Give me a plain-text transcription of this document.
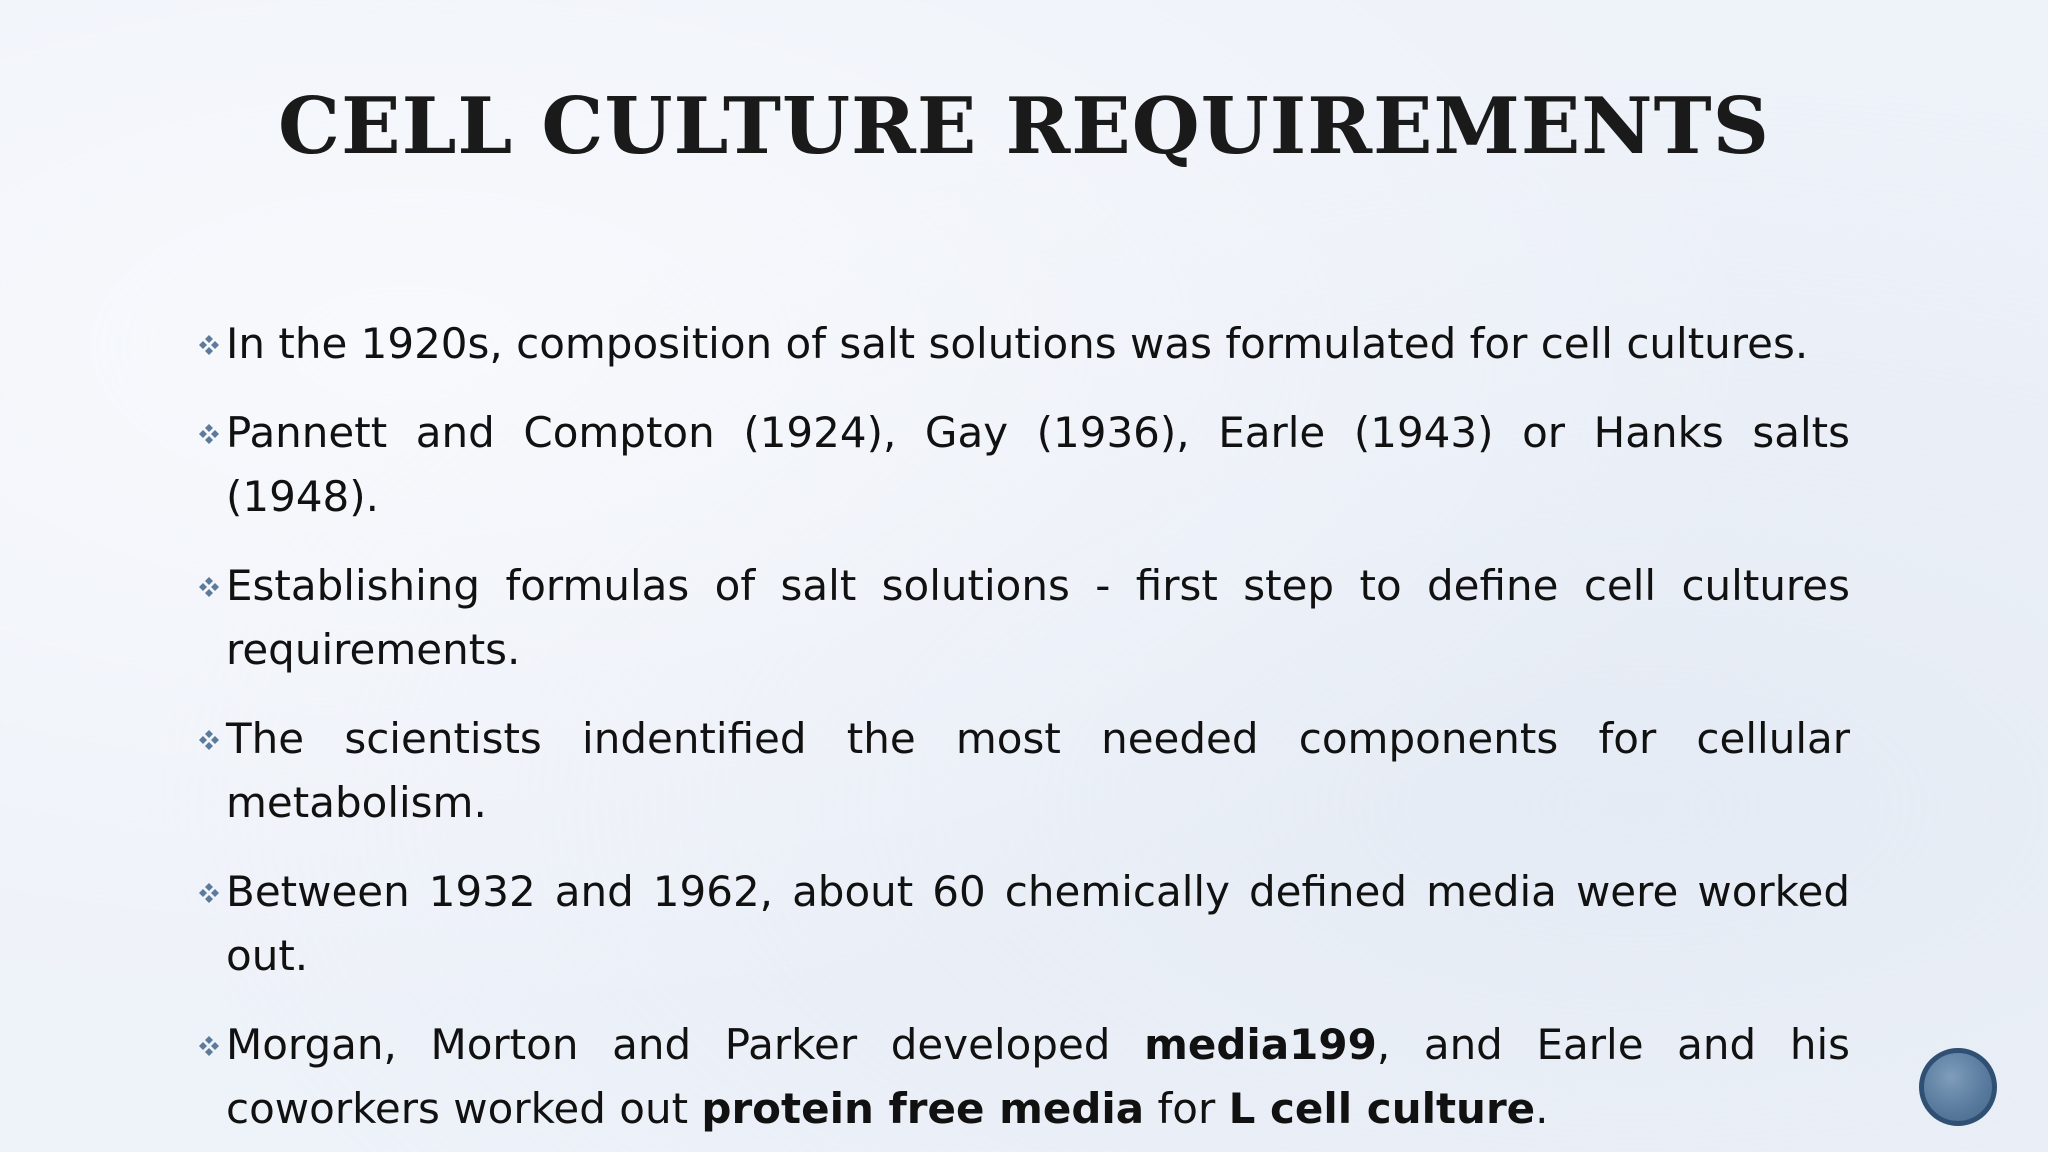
CELL CULTURE REQUIREMENTS
In the 1920s, composition of salt solutions was formulated for cell cultures.
Pannett and Compton (1924), Gay (1936), Earle (1943) or Hanks salts (1948).
Establishing formulas of salt solutions - first step to define cell cultures requirements.
The scientists indentified the most needed components for cellular metabolism.
Between 1932 and 1962, about 60 chemically defined media were worked out.
Morgan, Morton and Parker developed media199, and Earle and his coworkers worked out protein free media for L cell culture.
